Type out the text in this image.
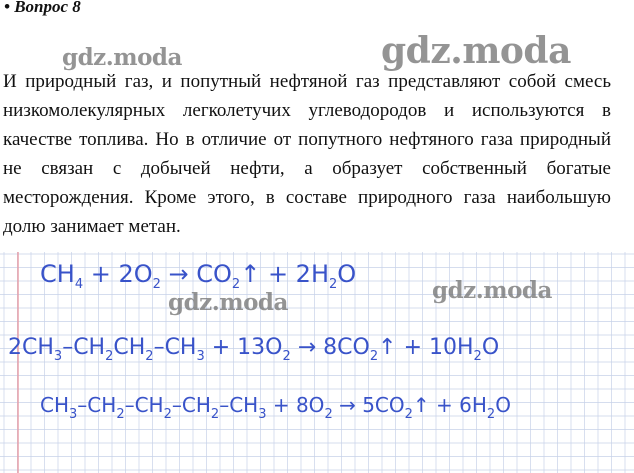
• Вопрос 8
gdz.moda	gdz.moda

И природный газ, и попутный нефтяной газ представляют собой смесь низкомолекулярных легколетучих углеводородов и используются в качестве топлива. Но в отличие от попутного нефтяного газа природный не связан с добычей нефти, а образует собственный богатые месторождения. Кроме этого, в составе природного газа наибольшую долю занимает метан.

$CH_4 + 2O_2$ → $CO_2↑ + 2H_2O$
$2CH_3-CH_2CH_2-CH_3 + 13O_2$ → $8CO_2↑ + 10H_2O$
$CH_3-CH_2-CH_2-CH_2-CH_3 + 8O_2$ → $5CO_2↑ + 6H_2O$
gdz.moda	gdz.moda
